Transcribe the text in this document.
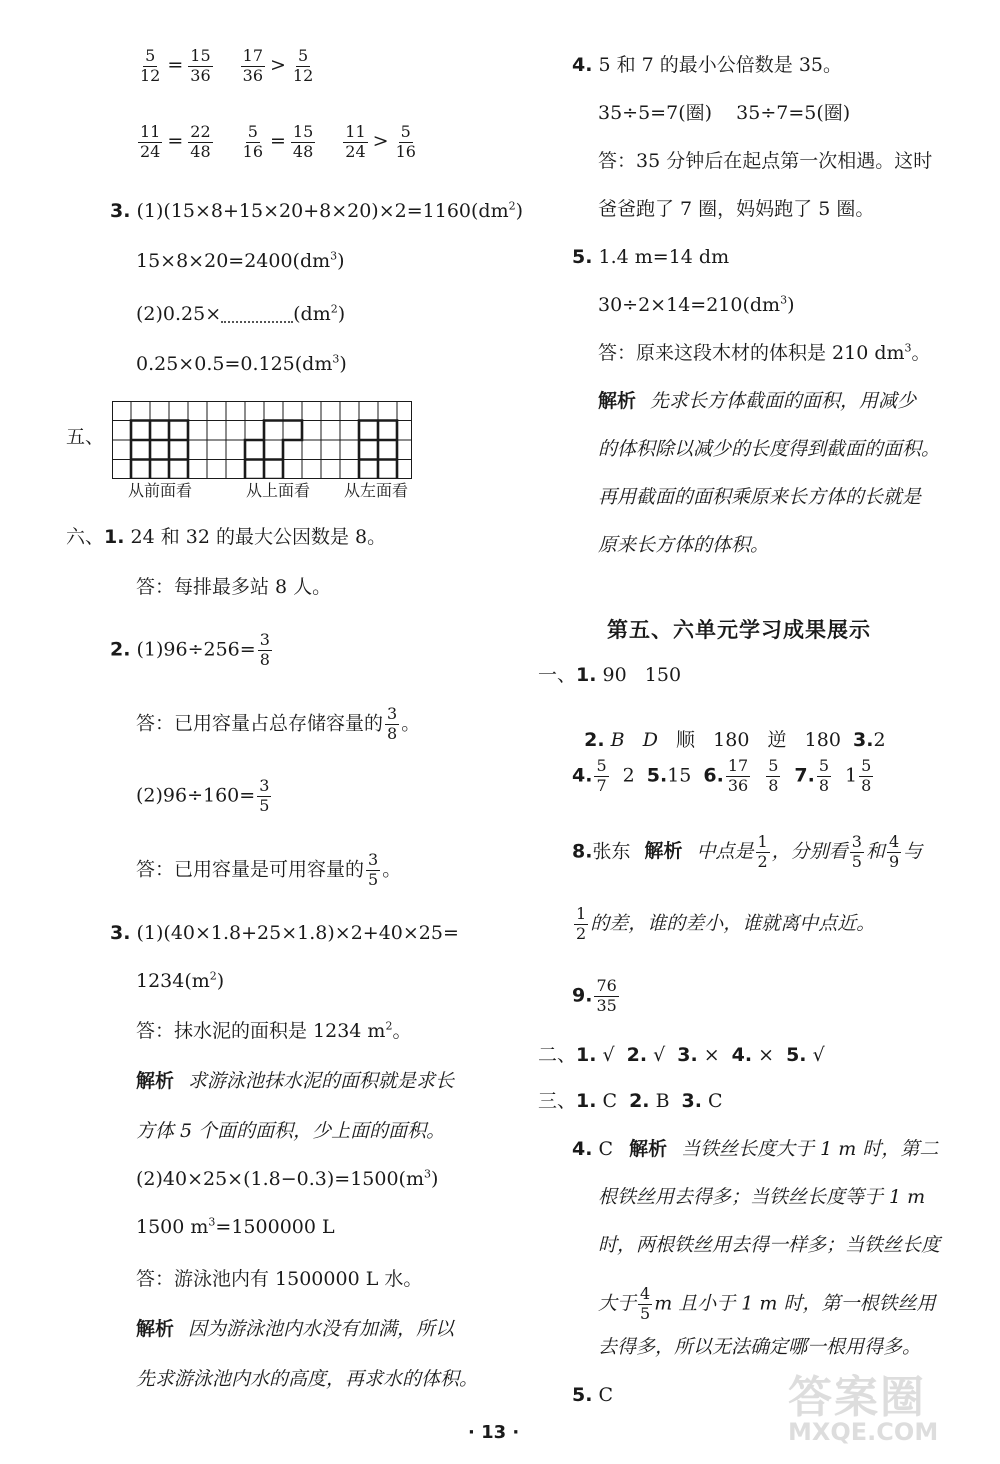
$\frac{5}{12} = \frac{15}{36} \frac{17}{36} > \frac{5}{12}$
$\frac{11}{24} = \frac{22}{48} \frac{5}{16} = \frac{15}{48} \frac{11}{24} > \frac{5}{16}$
3. $(1)(15\times 8+15\times 20+8\times 20)\times 2=1160(dm^2)$
$15\times 8\times 20=2400(dm^3)$
(2)0.25×	$(dm^2)$
$0.25\times 0.5=0.125(dm^3)$
五、
从前面看	从上面看 从左面看
六、1. 24 和 32 的最大公因数是 8。
答：每排最多站 8 人。
2. $(1)96\div 256= \frac{3}{8}$
答：已用容量占总存储容量的 $\frac{3}{8}$ 。
$(2)96\div 160= \frac{3}{5}$
答：已用容量是可用容量的 $\frac{3}{5}$ 。
3. (1)(40×1.8+25×1.8)×2+40×25=
$1234(m^2)$
答：抹水泥的面积是 1234 $m^2$。
解析 求游泳池抹水泥的面积就是求长
方体 5 个面的面积，少上面的面积。
$(2)40\times 25\times(1.8-0.3)=1500(m^3)$
1500 $m^3=1500000$ L
答：游泳池内有 1500000 L 水。
解析 因为游泳池内水没有加满，所以
先求游泳池内水的高度，再求水的体积。
4. 5 和 7 的最小公倍数是 35。
35÷5=7(圈)    35÷7=5(圈)
答：35 分钟后在起点第一次相遇。这时
爸爸跑了 7 圈，妈妈跑了 5 圈。
5. 1.4 m=14 dm
$30\div 2\times 14=210(dm^3)$
答：原来这段木材的体积是 210 $dm^3$。
解析 先求长方体截面的面积，用减少
的体积除以减少的长度得到截面的面积。
再用截面的面积乘原来长方体的长就是
原来长方体的体积。
第五、六单元学习成果展示
一、1. 90   150

2. B D 顺   180   逆   180 3.2

4. $\frac{5}{7} 2$ 5.15 6. $\frac{17}{36} \frac{5}{8} 7$. $\frac{5}{8} 1 \frac{5}{8}$
8.张东 解析 中点是 $\frac{1}{2}$ ，分别看 $\frac{3}{5}$ 和 $\frac{4}{9}$ 与
$\frac{1}{2}$ 的差，谁的差小，谁就离中点近。
9. $\frac{76}{35}$
二、1. √ 2. √ 3. × 4. × 5. √
三、1. C 2. B 3. C
4. C 解析 当铁丝长度大于 1 m 时，第二
根铁丝用去得多；当铁丝长度等于 1 m
时，两根铁丝用去得一样多；当铁丝长度
大于 $\frac{4}{5}$ m 且小于 1 m 时，第一根铁丝用
去得多，所以无法确定哪一根用得多。
5. C
· 13 ·
答案圈
MXQE.COM
